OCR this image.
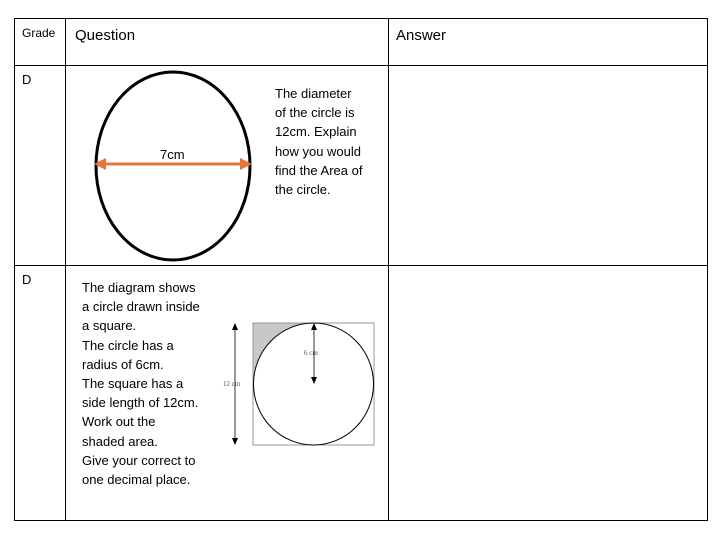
Grade Question	Answer
D
7cm
The diameter
of the circle is
12cm. Explain
how you would
find the Area of
the circle.
D
The diagram shows
a circle drawn inside
a square.
The circle has a
radius of 6cm.
The square has a
side length of 12cm.
Work out the
shaded area.
Give your correct to
one decimal place.
6 cm
12 cm
